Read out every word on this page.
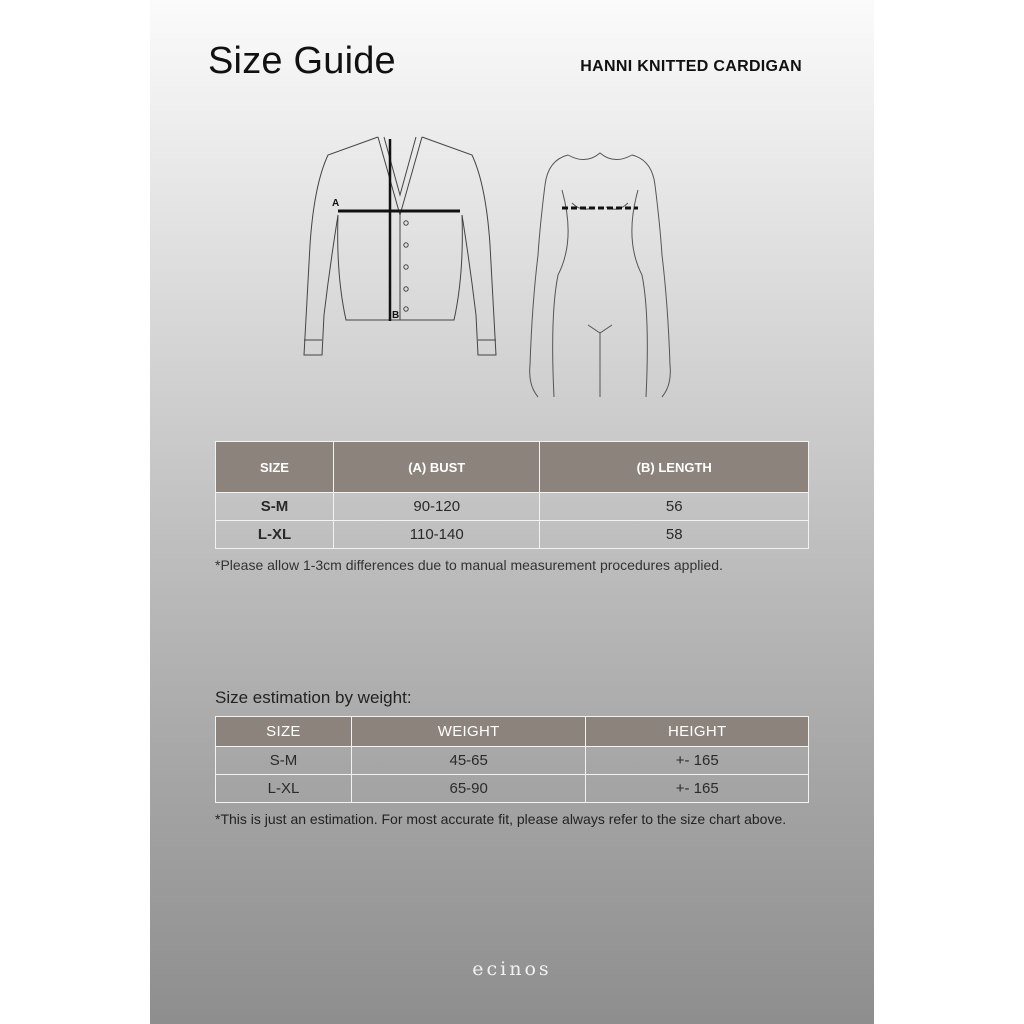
Size Guide	HANNI KNITTED CARDIGAN
A
B
SIZE	(A) BUST	(B) LENGTH
S-M	90-120	56
L-XL	110-140	58
*Please allow 1-3cm differences due to manual measurement procedures applied.
Size estimation by weight:
SIZE	WEIGHT	HEIGHT
S-M	45-65	+- 165
L-XL	65-90	+- 165
*This is just an estimation. For most accurate fit, please always refer to the size chart above.
ecinos
